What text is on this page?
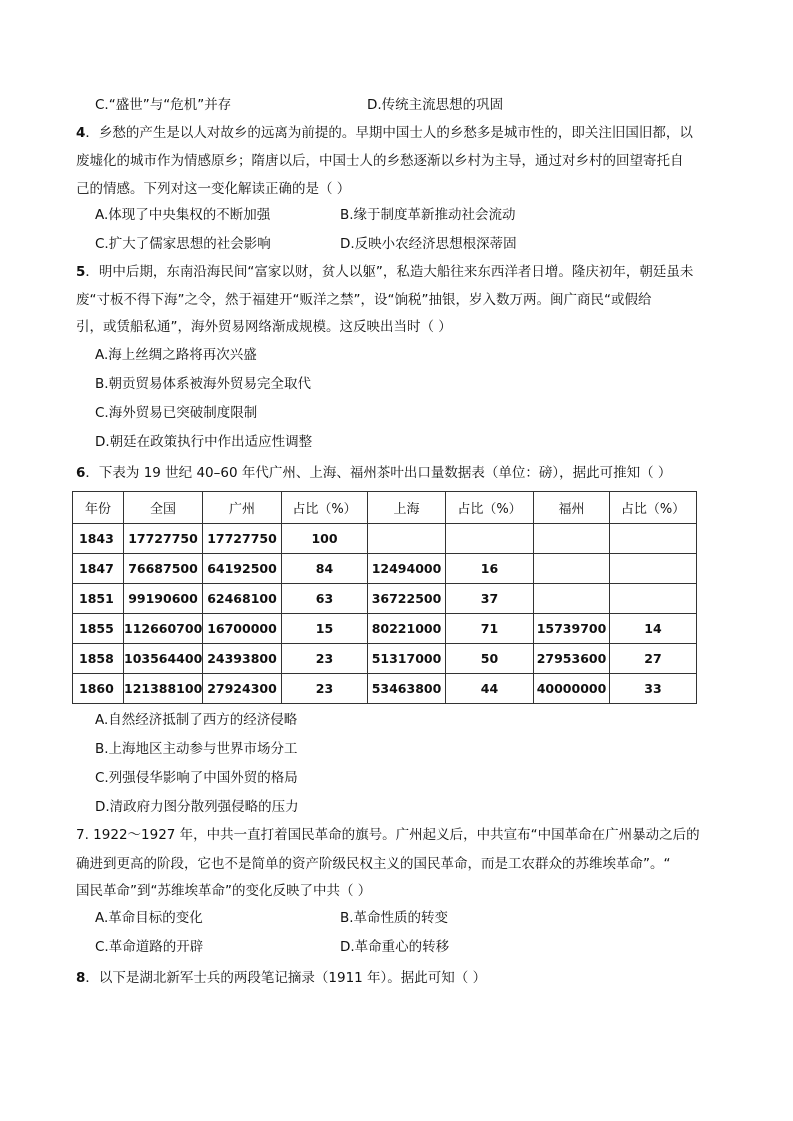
C.“盛世”与“危机”并存	D.传统主流思想的巩固
4．乡愁的产生是以人对故乡的远离为前提的。早期中国士人的乡愁多是城市性的，即关注旧国旧都，以
废墟化的城市作为情感原乡；隋唐以后，中国士人的乡愁逐渐以乡村为主导，通过对乡村的回望寄托自
己的情感。下列对这一变化解读正确的是（ ）
A.体现了中央集权的不断加强	B.缘于制度革新推动社会流动
C.扩大了儒家思想的社会影响	D.反映小农经济思想根深蒂固
5．明中后期，东南沿海民间“富家以财，贫人以躯”，私造大船往来东西洋者日增。隆庆初年，朝廷虽未
废“寸板不得下海”之令，然于福建开“贩洋之禁”，设“饷税”抽银，岁入数万两。闽广商民“或假给
引，或赁船私通”，海外贸易网络渐成规模。这反映出当时（ ）
A.海上丝绸之路将再次兴盛
B.朝贡贸易体系被海外贸易完全取代
C.海外贸易已突破制度限制
D.朝廷在政策执行中作出适应性调整
6．下表为 19 世纪 40–60 年代广州、上海、福州茶叶出口量数据表（单位：磅），据此可推知（ ）
年份	全国	广州	占比（%）	上海	占比（%）	福州	占比（%）
1843	17727750	17727750	100				
1847	76687500	64192500	84	12494000	16		
1851	99190600	62468100	63	36722500	37		
1855	112660700	16700000	15	80221000	71	15739700	14
1858	103564400	24393800	23	51317000	50	27953600	27
1860	121388100	27924300	23	53463800	44	40000000	33
A.自然经济抵制了西方的经济侵略
B.上海地区主动参与世界市场分工
C.列强侵华影响了中国外贸的格局
D.清政府力图分散列强侵略的压力
7. 1922～1927 年，中共一直打着国民革命的旗号。广州起义后，中共宣布“中国革命在广州暴动之后的
确进到更高的阶段，它也不是简单的资产阶级民权主义的国民革命，而是工农群众的苏维埃革命”。“
国民革命”到“苏维埃革命”的变化反映了中共（ ）
A.革命目标的变化	B.革命性质的转变
C.革命道路的开辟	D.革命重心的转移
8．以下是湖北新军士兵的两段笔记摘录（1911 年）。据此可知（ ）
